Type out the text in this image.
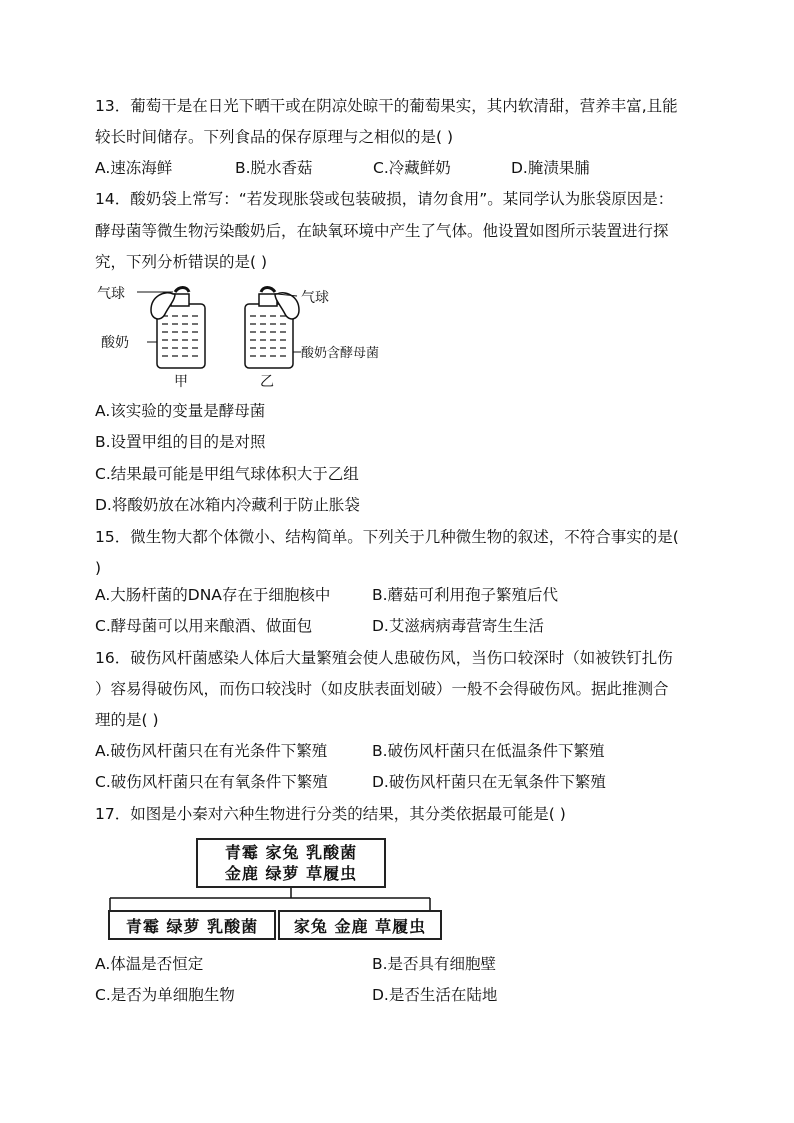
13．葡萄干是在日光下晒干或在阴凉处晾干的葡萄果实，其内软清甜，营养丰富,且能
较长时间储存。下列食品的保存原理与之相似的是( )
A.速冻海鲜	B.脱水香菇	C.冷藏鲜奶	D.腌渍果脯
14．酸奶袋上常写：“若发现胀袋或包装破损，请勿食用”。某同学认为胀袋原因是：
酵母菌等微生物污染酸奶后，在缺氧环境中产生了气体。他设置如图所示装置进行探
究，下列分析错误的是( )
气球
酸奶
甲
气球
酸奶含酵母菌
乙
A.该实验的变量是酵母菌
B.设置甲组的目的是对照
C.结果最可能是甲组气球体积大于乙组
D.将酸奶放在冰箱内冷藏利于防止胀袋
15．微生物大都个体微小、结构简单。下列关于几种微生物的叙述，不符合事实的是(
)
A.大肠杆菌的DNA存在于细胞核中	B.蘑菇可利用孢子繁殖后代
C.酵母菌可以用来酿酒、做面包	D.艾滋病病毒营寄生生活
16．破伤风杆菌感染人体后大量繁殖会使人患破伤风，当伤口较深时（如被铁钉扎伤
）容易得破伤风，而伤口较浅时（如皮肤表面划破）一般不会得破伤风。据此推测合
理的是( )
A.破伤风杆菌只在有光条件下繁殖	B.破伤风杆菌只在低温条件下繁殖
C.破伤风杆菌只在有氧条件下繁殖	D.破伤风杆菌只在无氧条件下繁殖
17．如图是小秦对六种生物进行分类的结果，其分类依据最可能是( )
青霉 家兔 乳酸菌
金鹿 绿萝 草履虫
青霉 绿萝 乳酸菌 家兔 金鹿 草履虫
A.体温是否恒定	B.是否具有细胞壁
C.是否为单细胞生物	D.是否生活在陆地
